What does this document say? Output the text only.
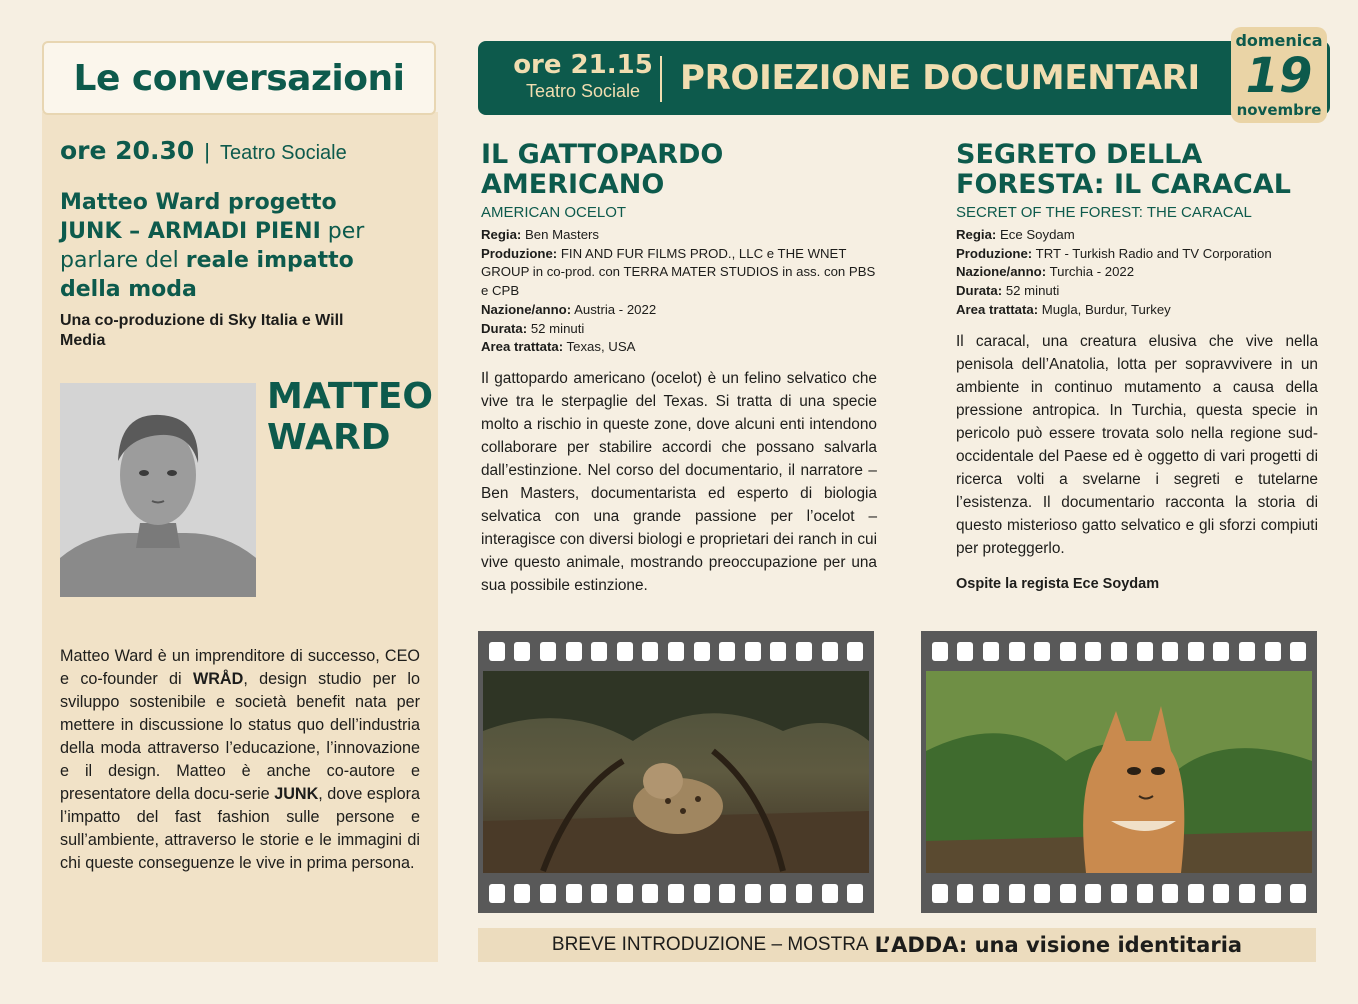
Le conversazioni
ore 20.30 | Teatro Sociale
Matteo Ward progetto JUNK – ARMADI PIENI per parlare del reale impatto della moda
Una co-produzione di Sky Italia e Will Media
MATTEO WARD
Matteo Ward è un imprenditore di successo, CEO e co-founder di WRÅD, design studio per lo sviluppo sostenibile e società benefit nata per mettere in discussione lo status quo dell’industria della moda attraverso l’educazione, l’innovazione e il design. Matteo è anche co-autore e presentatore della docu-serie JUNK, dove esplora l’impatto del fast fashion sulle persone e sull’ambiente, attraverso le storie e le immagini di chi queste conseguenze le vive in prima persona.
ore 21.15
Teatro Sociale	PROIEZIONE DOCUMENTARI
domenica
19
novembre
IL GATTOPARDO AMERICANO
AMERICAN OCELOT
Regia: Ben Masters
Produzione: FIN AND FUR FILMS PROD., LLC e THE WNET GROUP in co-prod. con TERRA MATER STUDIOS in ass. con PBS e CPB
Nazione/anno: Austria - 2022
Durata: 52 minuti
Area trattata: Texas, USA
Il gattopardo americano (ocelot) è un felino selvatico che vive tra le sterpaglie del Texas. Si tratta di una specie molto a rischio in queste zone, dove alcuni enti intendono collaborare per stabilire accordi che possano salvarla dall’estinzione. Nel corso del documentario, il narratore – Ben Masters, documentarista ed esperto di biologia selvatica con una grande passione per l’ocelot – interagisce con diversi biologi e proprietari dei ranch in cui vive questo animale, mostrando preoccupazione per una sua possibile estinzione.
SEGRETO DELLA FORESTA: IL CARACAL
SECRET OF THE FOREST: THE CARACAL
Regia: Ece Soydam
Produzione: TRT - Turkish Radio and TV Corporation
Nazione/anno: Turchia - 2022
Durata: 52 minuti
Area trattata: Mugla, Burdur, Turkey
Il caracal, una creatura elusiva che vive nella penisola dell’Anatolia, lotta per sopravvivere in un ambiente in continuo mutamento a causa della pressione antropica. In Turchia, questa specie in pericolo può essere trovata solo nella regione sud-occidentale del Paese ed è oggetto di vari progetti di ricerca volti a svelarne i segreti e tutelarne l’esistenza. Il documentario racconta la storia di questo misterioso gatto selvatico e gli sforzi compiuti per proteggerlo.
Ospite la regista Ece Soydam
BREVE INTRODUZIONE – MOSTRA L’ADDA: una visione identitaria
